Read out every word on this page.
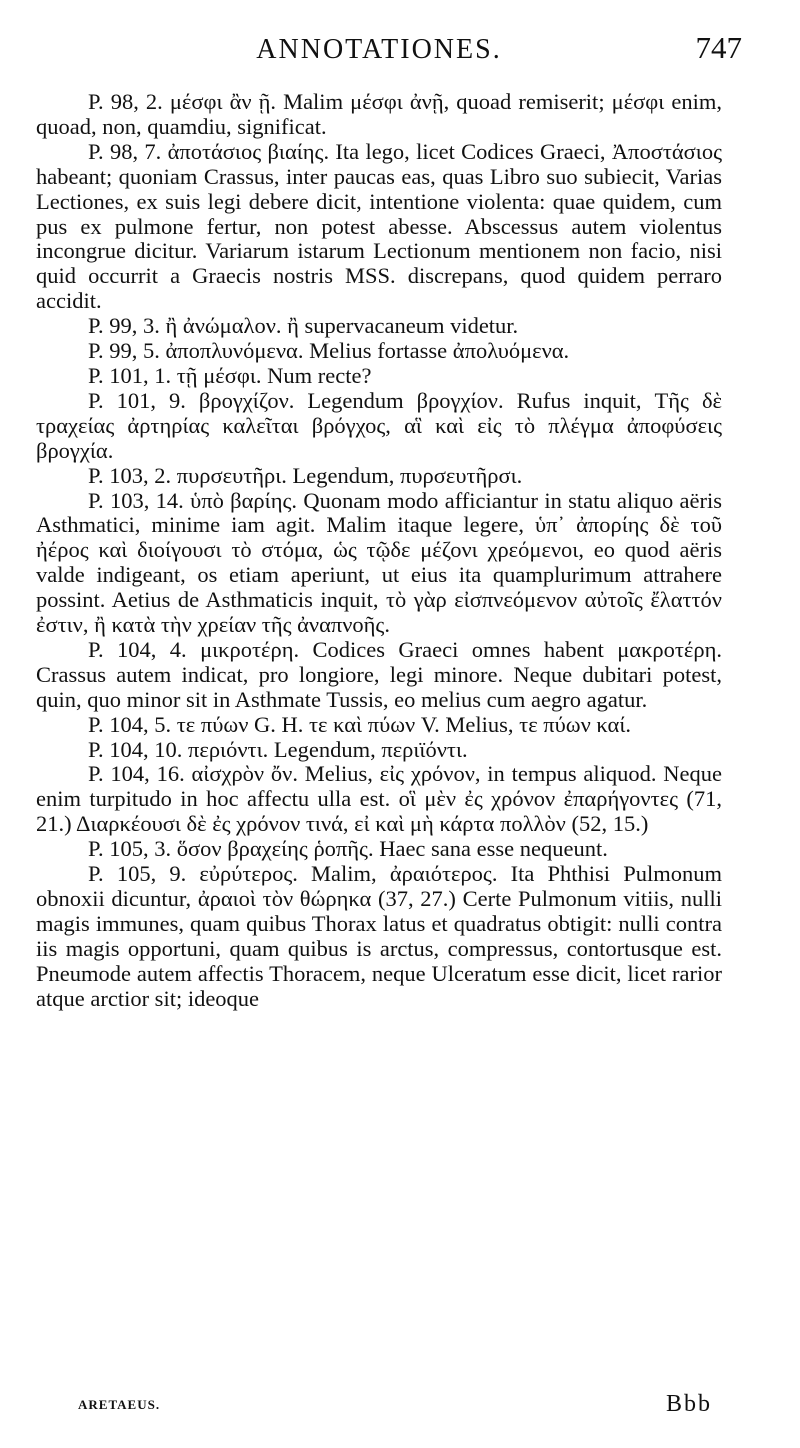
ANNOTATIONES.	747

P. 98, 2. μέσφι ἂν ῇ. Malim μέσφι ἀνῇ, quoad remiserit; μέσφι enim, quoad, non, quamdiu, significat.

P. 98, 7. ἀποτάσιος βιαίης. Ita lego, licet Codices Graeci, Ἀποστάσιος habeant; quoniam Crassus, inter paucas eas, quas Libro suo subiecit, Varias Lectiones, ex suis legi debere dicit, intentione violenta: quae quidem, cum pus ex pulmone fertur, non potest abesse. Abscessus autem violentus incongrue dicitur. Variarum istarum Lectionum mentionem non facio, nisi quid occurrit a Graecis nostris MSS. discrepans, quod quidem perraro accidit.

P. 99, 3. ἢ ἀνώμαλον. ἢ supervacaneum videtur.

P. 99, 5. ἀποπλυνόμενα. Melius fortasse ἀπολυόμενα.

P. 101, 1. τῇ μέσφι. Num recte?

P. 101, 9. βρογχίζον. Legendum βρογχίον. Rufus inquit, Τῆς δὲ τραχείας ἀρτηρίας καλεῖται βρόγχος, αἳ καὶ εἰς τὸ πλέγμα ἀποφύσεις βρογχία.

P. 103, 2. πυρσευτῆρι. Legendum, πυρσευτῆρσι.

P. 103, 14. ὑπὸ βαρίης. Quonam modo afficiantur in statu aliquo aëris Asthmatici, minime iam agit. Malim itaque legere, ὑπ᾽ ἀπορίης δὲ τοῦ ἠέρος καὶ διοίγουσι τὸ στόμα, ὡς τῷδε μέζονι χρεόμενοι, eo quod aëris valde indigeant, os etiam aperiunt, ut eius ita quamplurimum attrahere possint. Aetius de Asthmaticis inquit, τὸ γὰρ εἰσπνεόμενον αὐτοῖς ἔλαττόν ἐστιν, ἢ κατὰ τὴν χρείαν τῆς ἀναπνοῆς.

P. 104, 4. μικροτέρη. Codices Graeci omnes habent μακροτέρη. Crassus autem indicat, pro longiore, legi minore. Neque dubitari potest, quin, quo minor sit in Asthmate Tussis, eo melius cum aegro agatur.

P. 104, 5. τε πύων G. H. τε καὶ πύων V. Melius, τε πύων καί.

P. 104, 10. περιόντι. Legendum, περιϊόντι.

P. 104, 16. αἰσχρὸν ὄν. Melius, εἰς χρόνον, in tempus aliquod. Neque enim turpitudo in hoc affectu ulla est. οἳ μὲν ἐς χρόνον ἐπαρήγοντες (71, 21.) Διαρκέουσι δὲ ἐς χρόνον τινά, εἰ καὶ μὴ κάρτα πολλὸν (52, 15.)

P. 105, 3. ὅσον βραχείης ῥοπῆς. Haec sana esse nequeunt.

P. 105, 9. εὐρύτερος. Malim, ἀραιότερος. Ita Phthisi Pulmonum obnoxii dicuntur, ἀραιοὶ τὸν θώρηκα (37, 27.) Certe Pulmonum vitiis, nulli magis immunes, quam quibus Thorax latus et quadratus obtigit: nulli contra iis magis opportuni, quam quibus is arctus, compressus, contortusque est. Pneumode autem affectis Thoracem, neque Ulceratum esse dicit, licet rarior atque arctior sit; ideoque

ARETAEUS.	Bbb
